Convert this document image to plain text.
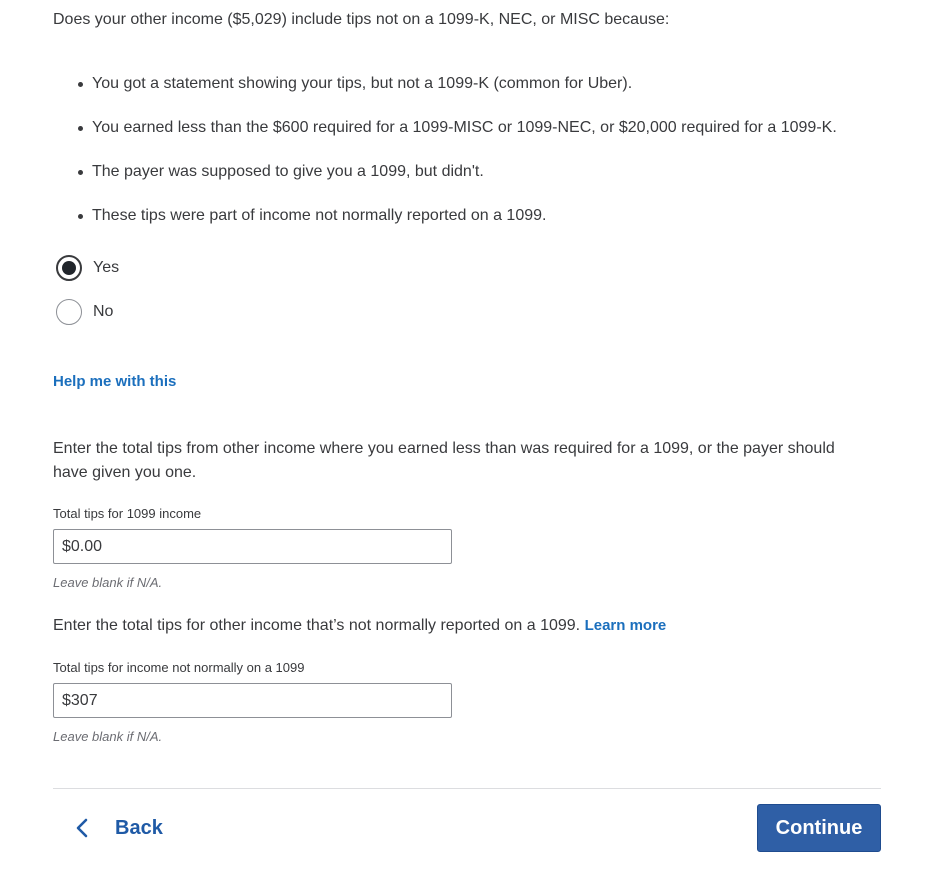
Does your other income ($5,029) include tips not on a 1099-K, NEC, or MISC because:
You got a statement showing your tips, but not a 1099-K (common for Uber).
You earned less than the $600 required for a 1099-MISC or 1099-NEC, or $20,000 required for a 1099-K.
The payer was supposed to give you a 1099, but didn't.
These tips were part of income not normally reported on a 1099.
Yes
No
Help me with this
Enter the total tips from other income where you earned less than was required for a 1099, or the payer should have given you one.
Total tips for 1099 income
$0.00
Leave blank if N/A.
Enter the total tips for other income that’s not normally reported on a 1099. Learn more
Total tips for income not normally on a 1099
$307
Leave blank if N/A.
Back	Continue
